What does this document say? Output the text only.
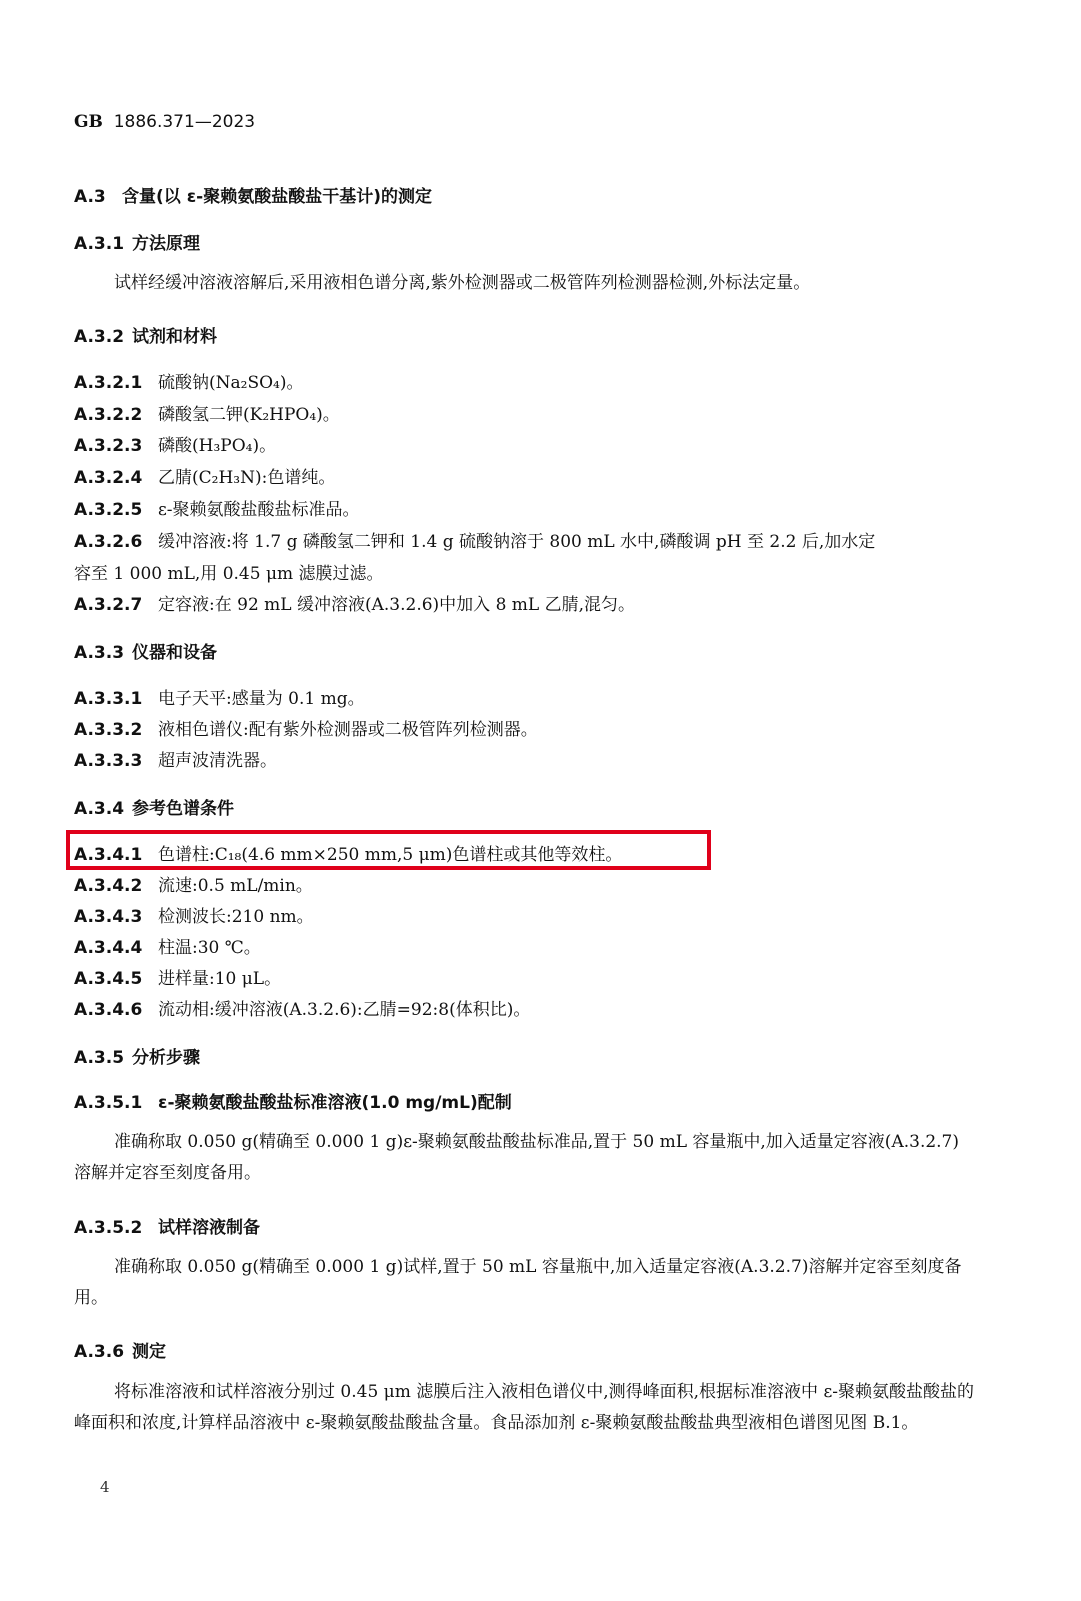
GB 1886.371—2023
A.3 含量(以 ε-聚赖氨酸盐酸盐干基计)的测定
A.3.1 方法原理
试样经缓冲溶液溶解后,采用液相色谱分离,紫外检测器或二极管阵列检测器检测,外标法定量。
A.3.2 试剂和材料
A.3.2.1 硫酸钠(Na₂SO₄)。
A.3.2.2 磷酸氢二钾(K₂HPO₄)。
A.3.2.3 磷酸(H₃PO₄)。
A.3.2.4 乙腈(C₂H₃N):色谱纯。
A.3.2.5 ε-聚赖氨酸盐酸盐标准品。
A.3.2.6 缓冲溶液:将 1.7 g 磷酸氢二钾和 1.4 g 硫酸钠溶于 800 mL 水中,磷酸调 pH 至 2.2 后,加水定
容至 1 000 mL,用 0.45 μm 滤膜过滤。
A.3.2.7 定容液:在 92 mL 缓冲溶液(A.3.2.6)中加入 8 mL 乙腈,混匀。
A.3.3 仪器和设备
A.3.3.1 电子天平:感量为 0.1 mg。
A.3.3.2 液相色谱仪:配有紫外检测器或二极管阵列检测器。
A.3.3.3 超声波清洗器。
A.3.4 参考色谱条件
A.3.4.1 色谱柱:C₁₈(4.6 mm×250 mm,5 μm)色谱柱或其他等效柱。
A.3.4.2 流速:0.5 mL/min。
A.3.4.3 检测波长:210 nm。
A.3.4.4 柱温:30 ℃。
A.3.4.5 进样量:10 μL。
A.3.4.6 流动相:缓冲溶液(A.3.2.6):乙腈=92:8(体积比)。
A.3.5 分析步骤
A.3.5.1 ε-聚赖氨酸盐酸盐标准溶液(1.0 mg/mL)配制
准确称取 0.050 g(精确至 0.000 1 g)ε-聚赖氨酸盐酸盐标准品,置于 50 mL 容量瓶中,加入适量定容液(A.3.2.7)溶解并定容至刻度备用。
A.3.5.2 试样溶液制备
准确称取 0.050 g(精确至 0.000 1 g)试样,置于 50 mL 容量瓶中,加入适量定容液(A.3.2.7)溶解并定容至刻度备用。
A.3.6 测定
将标准溶液和试样溶液分别过 0.45 μm 滤膜后注入液相色谱仪中,测得峰面积,根据标准溶液中 ε-聚赖氨酸盐酸盐的峰面积和浓度,计算样品溶液中 ε-聚赖氨酸盐酸盐含量。食品添加剂 ε-聚赖氨酸盐酸盐典型液相色谱图见图 B.1。
4
